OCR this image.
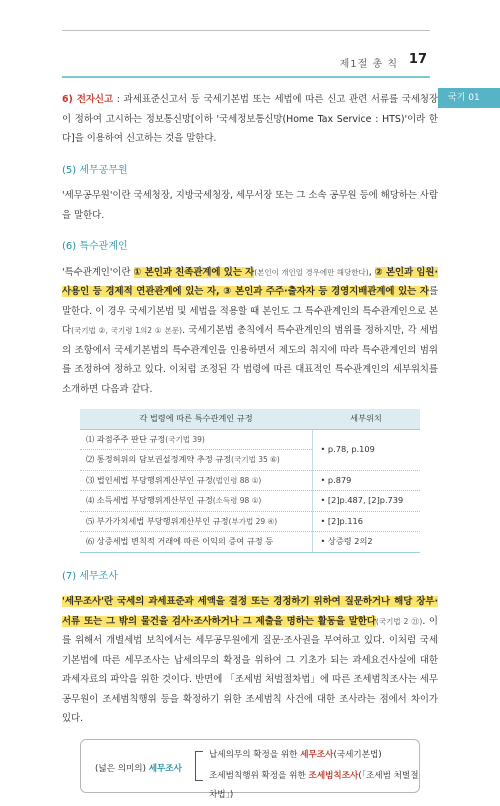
제1절 총 칙 17
국기 01

6) 전자신고 : 과세표준신고서 등 국세기본법 또는 세법에 따른 신고 관련 서류를 국세청장이 정하여 고시하는 정보통신망[이하 '국세정보통신망(Home Tax Service : HTS)'이라 한다]을 이용하여 신고하는 것을 말한다.

(5) 세무공무원

'세무공무원'이란 국세청장, 지방국세청장, 세무서장 또는 그 소속 공무원 등에 해당하는 사람을 말한다.

(6) 특수관계인

'특수관계인'이란 ① 본인과 친족관계에 있는 자(본인이 개인일 경우에만 해당한다), ② 본인과 임원·사용인 등 경제적 연관관계에 있는 자, ③ 본인과 주주·출자자 등 경영지배관계에 있는 자를 말한다. 이 경우 국세기본법 및 세법을 적용할 때 본인도 그 특수관계인의 특수관계인으로 본다(국기법 ②, 국기령 1의2 ① 본문). 국세기본법 총칙에서 특수관계인의 범위를 정하지만, 각 세법의 조항에서 국세기본법의 특수관계인을 인용하면서 제도의 취지에 따라 특수관계인의 범위를 조정하여 정하고 있다. 이처럼 조정된 각 법령에 따른 대표적인 특수관계인의 세부위치를 소개하면 다음과 같다.

각 법령에 따른 특수관계인 규정	세부위치
⑴ 과점주주 판단 규정(국기법 39)	• p.78, p.109
⑵ 통정허위의 담보권설정계약 추정 규정(국기법 35 ⑥)	
⑶ 법인세법 부당행위계산부인 규정(법인령 88 ①)	• p.879
⑷ 소득세법 부당행위계산부인 규정(소득령 98 ①)	• [2]p.487, [2]p.739
⑸ 부가가치세법 부당행위계산부인 규정(부가법 29 ④)	• [2]p.116
⑹ 상증세법 변칙적 거래에 따른 이익의 증여 규정 등	• 상증령 2의2
(7) 세무조사

'세무조사'란 국세의 과세표준과 세액을 결정 또는 경정하기 위하여 질문하거나 해당 장부·서류 또는 그 밖의 물건을 검사·조사하거나 그 제출을 명하는 활동을 말한다(국기법 2 ㉑). 이를 위해서 개별세법 보칙에서는 세무공무원에게 질문·조사권을 부여하고 있다. 이처럼 국세기본법에 따른 세무조사는 납세의무의 확정을 위하여 그 기초가 되는 과세요건사실에 대한 과세자료의 파악을 위한 것이다. 반면에 「조세범 처벌절차법」에 따른 조세범칙조사는 세무공무원이 조세범칙행위 등을 확정하기 위한 조세범칙 사건에 대한 조사라는 점에서 차이가 있다.

(넓은 의미의) 세무조사
납세의무의 확정을 위한 세무조사(국세기본법)
조세범칙행위 확정을 위한 조세범칙조사(「조세범 처벌절차법」)
